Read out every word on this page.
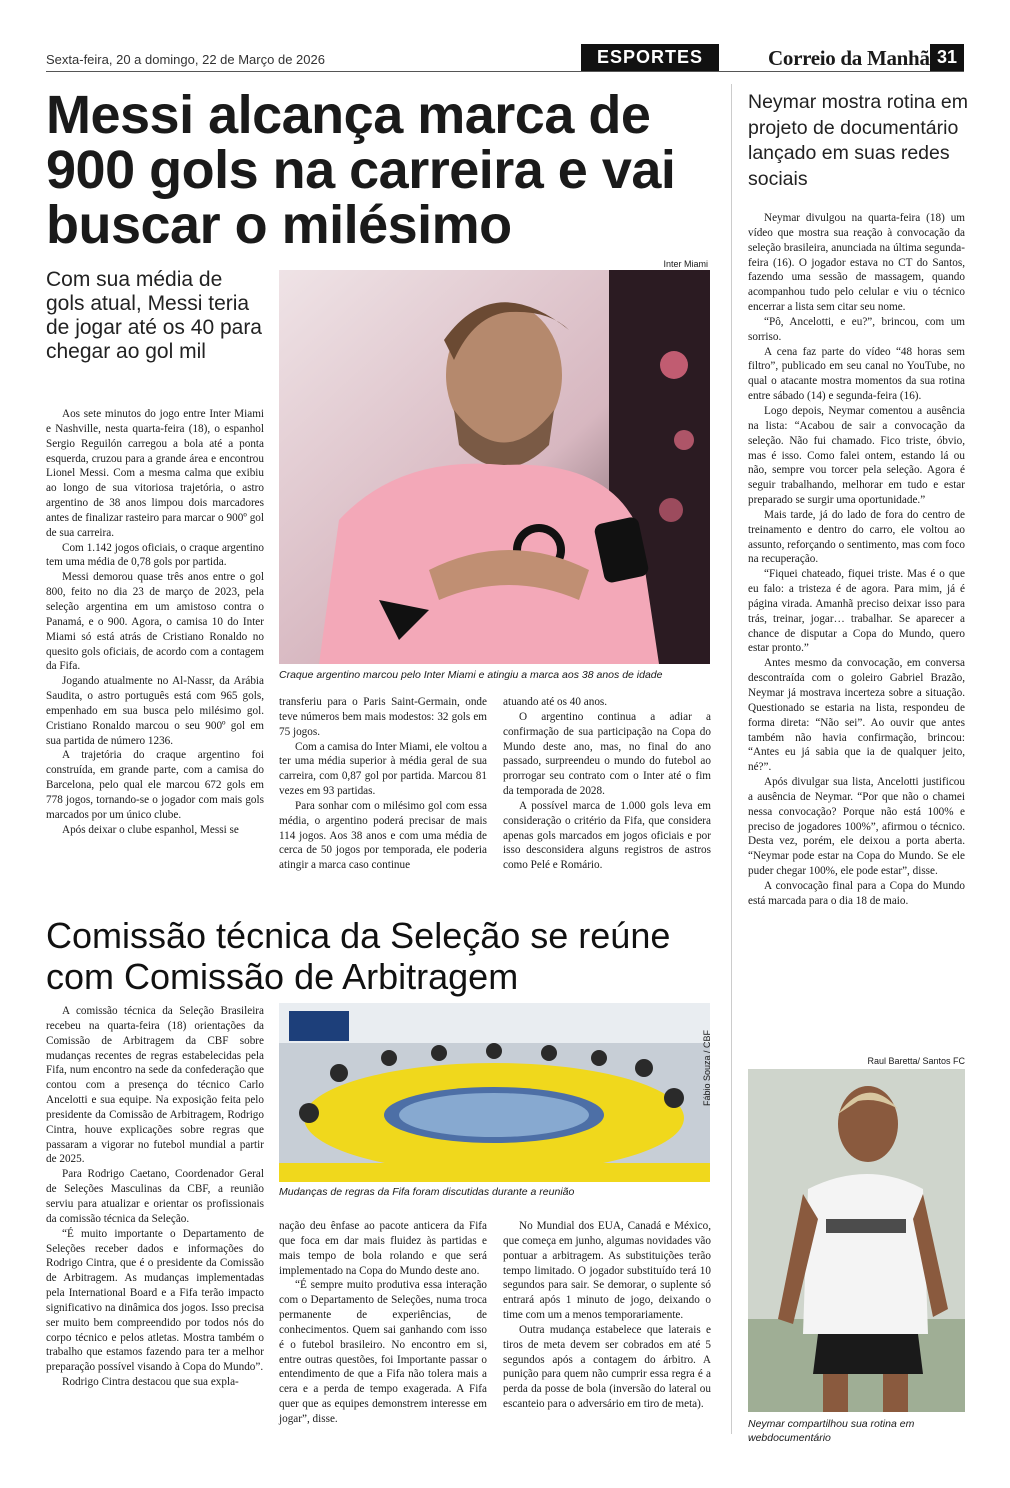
Sexta-feira, 20 a domingo, 22 de Março de 2026	ESPORTES	Correio da Manhã 31
Messi alcança marca de 900 gols na carreira e vai buscar o milésimo
Com sua média de gols atual, Messi teria de jogar até os 40 para chegar ao gol mil
Inter Miami
Craque argentino marcou pelo Inter Miami e atingiu a marca aos 38 anos de idade

Aos sete minutos do jogo entre Inter Miami e Nashville, nesta quarta-feira (18), o espanhol Sergio Reguilón carregou a bola até a ponta esquerda, cruzou para a grande área e encontrou Lionel Messi. Com a mesma calma que exibiu ao longo de sua vitoriosa trajetória, o astro argentino de 38 anos limpou dois marcadores antes de finalizar rasteiro para marcar o 900º gol de sua carreira.

Com 1.142 jogos oficiais, o craque argentino tem uma média de 0,78 gols por partida.

Messi demorou quase três anos entre o gol 800, feito no dia 23 de março de 2023, pela seleção argentina em um amistoso contra o Panamá, e o 900. Agora, o camisa 10 do Inter Miami só está atrás de Cristiano Ronaldo no quesito gols oficiais, de acordo com a contagem da Fifa.

Jogando atualmente no Al-Nassr, da Arábia Saudita, o astro português está com 965 gols, empenhado em sua busca pelo milésimo gol. Cristiano Ronaldo marcou o seu 900º gol em sua partida de número 1236.

A trajetória do craque argentino foi construída, em grande parte, com a camisa do Barcelona, pelo qual ele marcou 672 gols em 778 jogos, tornando-se o jogador com mais gols marcados por um único clube.

Após deixar o clube espanhol, Messi se

transferiu para o Paris Saint-Germain, onde teve números bem mais modestos: 32 gols em 75 jogos.

Com a camisa do Inter Miami, ele voltou a ter uma média superior à média geral de sua carreira, com 0,87 gol por partida. Marcou 81 vezes em 93 partidas.

Para sonhar com o milésimo gol com essa média, o argentino poderá precisar de mais 114 jogos. Aos 38 anos e com uma média de cerca de 50 jogos por temporada, ele poderia atingir a marca caso continue

atuando até os 40 anos.

O argentino continua a adiar a confirmação de sua participação na Copa do Mundo deste ano, mas, no final do ano passado, surpreendeu o mundo do futebol ao prorrogar seu contrato com o Inter até o fim da temporada de 2028.

A possível marca de 1.000 gols leva em consideração o critério da Fifa, que considera apenas gols marcados em jogos oficiais e por isso desconsidera alguns registros de astros como Pelé e Romário.

Neymar mostra rotina em projeto de documentário lançado em suas redes sociais

Neymar divulgou na quarta-feira (18) um vídeo que mostra sua reação à convocação da seleção brasileira, anunciada na última segunda-feira (16). O jogador estava no CT do Santos, fazendo uma sessão de massagem, quando acompanhou tudo pelo celular e viu o técnico encerrar a lista sem citar seu nome.

“Pô, Ancelotti, e eu?”, brincou, com um sorriso.

A cena faz parte do vídeo “48 horas sem filtro”, publicado em seu canal no YouTube, no qual o atacante mostra momentos da sua rotina entre sábado (14) e segunda-feira (16).

Logo depois, Neymar comentou a ausência na lista: “Acabou de sair a convocação da seleção. Não fui chamado. Fico triste, óbvio, mas é isso. Como falei ontem, estando lá ou não, sempre vou torcer pela seleção. Agora é seguir trabalhando, melhorar em tudo e estar preparado se surgir uma oportunidade.”

Mais tarde, já do lado de fora do centro de treinamento e dentro do carro, ele voltou ao assunto, reforçando o sentimento, mas com foco na recuperação.

“Fiquei chateado, fiquei triste. Mas é o que eu falo: a tristeza é de agora. Para mim, já é página virada. Amanhã preciso deixar isso para trás, treinar, jogar… trabalhar. Se aparecer a chance de disputar a Copa do Mundo, quero estar pronto.”

Antes mesmo da convocação, em conversa descontraída com o goleiro Gabriel Brazão, Neymar já mostrava incerteza sobre a situação. Questionado se estaria na lista, respondeu de forma direta: “Não sei”. Ao ouvir que antes também não havia confirmação, brincou: “Antes eu já sabia que ia de qualquer jeito, né?”.

Após divulgar sua lista, Ancelotti justificou a ausência de Neymar. “Por que não o chamei nessa convocação? Porque não está 100% e preciso de jogadores 100%”, afirmou o técnico. Desta vez, porém, ele deixou a porta aberta. “Neymar pode estar na Copa do Mundo. Se ele puder chegar 100%, ele pode estar”, disse.

A convocação final para a Copa do Mundo está marcada para o dia 18 de maio.

Raul Baretta/ Santos FC
Neymar compartilhou sua rotina em webdocumentário
Comissão técnica da Seleção se reúne com Comissão de Arbitragem

A comissão técnica da Seleção Brasileira recebeu na quarta-feira (18) orientações da Comissão de Arbitragem da CBF sobre mudanças recentes de regras estabelecidas pela Fifa, num encontro na sede da confederação que contou com a presença do técnico Carlo Ancelotti e sua equipe. Na exposição feita pelo presidente da Comissão de Arbitragem, Rodrigo Cintra, houve explicações sobre regras que passaram a vigorar no futebol mundial a partir de 2025.

Para Rodrigo Caetano, Coordenador Geral de Seleções Masculinas da CBF, a reunião serviu para atualizar e orientar os profissionais da comissão técnica da Seleção.

“É muito importante o Departamento de Seleções receber dados e informações do Rodrigo Cintra, que é o presidente da Comissão de Arbitragem. As mudanças implementadas pela International Board e a Fifa terão impacto significativo na dinâmica dos jogos. Isso precisa ser muito bem compreendido por todos nós do corpo técnico e pelos atletas. Mostra também o trabalho que estamos fazendo para ter a melhor preparação possível visando à Copa do Mundo”.

Rodrigo Cintra destacou que sua expla-

Fábio Souza / CBF
Mudanças de regras da Fifa foram discutidas durante a reunião

nação deu ênfase ao pacote anticera da Fifa que foca em dar mais fluidez às partidas e mais tempo de bola rolando e que será implementado na Copa do Mundo deste ano.

“É sempre muito produtiva essa interação com o Departamento de Seleções, numa troca permanente de experiências, de conhecimentos. Quem sai ganhando com isso é o futebol brasileiro. No encontro em si, entre outras questões, foi Importante passar o entendimento de que a Fifa não tolera mais a cera e a perda de tempo exagerada. A Fifa quer que as equipes demonstrem interesse em jogar”, disse.

No Mundial dos EUA, Canadá e México, que começa em junho, algumas novidades vão pontuar a arbitragem. As substituições terão tempo limitado. O jogador substituído terá 10 segundos para sair. Se demorar, o suplente só entrará após 1 minuto de jogo, deixando o time com um a menos temporariamente.

Outra mudança estabelece que laterais e tiros de meta devem ser cobrados em até 5 segundos após a contagem do árbitro. A punição para quem não cumprir essa regra é a perda da posse de bola (inversão do lateral ou escanteio para o adversário em tiro de meta).
